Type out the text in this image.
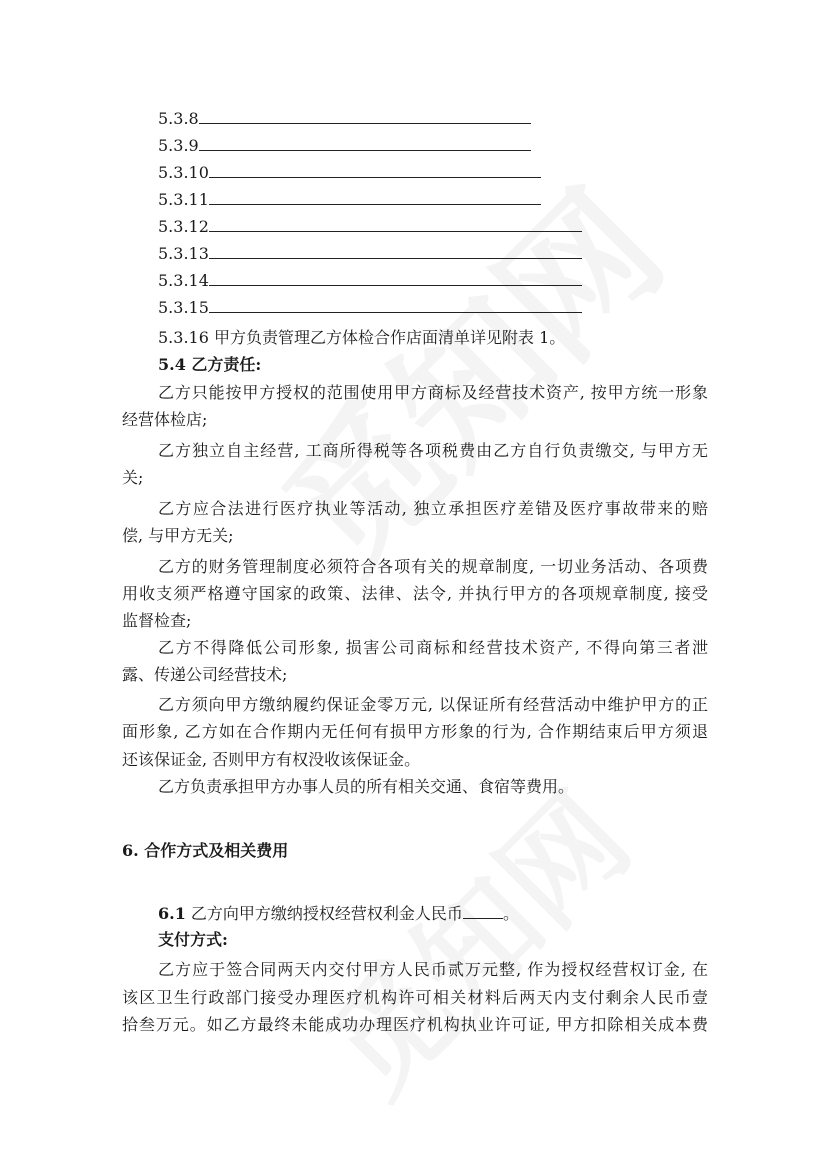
5.3.8
5.3.9
5.3.10
5.3.11
5.3.12
5.3.13
5.3.14
5.3.15
5.3.16 甲方负责管理乙方体检合作店面清单详见附表 1。
5.4 乙方责任:
乙方只能按甲方授权的范围使用甲方商标及经营技术资产, 按甲方统一形象
经营体检店;
乙方独立自主经营, 工商所得税等各项税费由乙方自行负责缴交, 与甲方无
关;
乙方应合法进行医疗执业等活动, 独立承担医疗差错及医疗事故带来的赔
偿, 与甲方无关;
乙方的财务管理制度必须符合各项有关的规章制度, 一切业务活动、各项费
用收支须严格遵守国家的政策、法律、法令, 并执行甲方的各项规章制度, 接受
监督检查;
乙方不得降低公司形象, 损害公司商标和经营技术资产, 不得向第三者泄
露、传递公司经营技术;
乙方须向甲方缴纳履约保证金零万元, 以保证所有经营活动中维护甲方的正
面形象, 乙方如在合作期内无任何有损甲方形象的行为, 合作期结束后甲方须退
还该保证金, 否则甲方有权没收该保证金。
乙方负责承担甲方办事人员的所有相关交通、食宿等费用。
6. 合作方式及相关费用
6.1 乙方向甲方缴纳授权经营权利金人民币	。
支付方式:
乙方应于签合同两天内交付甲方人民币贰万元整, 作为授权经营权订金, 在
该区卫生行政部门接受办理医疗机构许可相关材料后两天内支付剩余人民币壹
拾叁万元。如乙方最终未能成功办理医疗机构执业许可证, 甲方扣除相关成本费
